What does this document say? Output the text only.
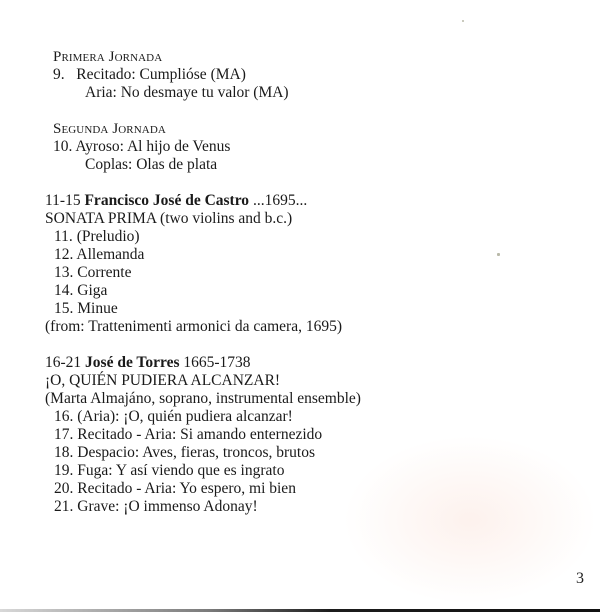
Primera Jornada
9. Recitado: Cumplióse (MA)
Aria: No desmaye tu valor (MA)
Segunda Jornada
10. Ayroso: Al hijo de Venus
Coplas: Olas de plata
11-15 Francisco José de Castro ...1695...
SONATA PRIMA (two violins and b.c.)
11. (Preludio)
12. Allemanda
13. Corrente
14. Giga
15. Minue
(from: Trattenimenti armonici da camera, 1695)
16-21 José de Torres 1665-1738
¡O, QUIÉN PUDIERA ALCANZAR!
(Marta Almajáno, soprano, instrumental ensemble)
16. (Aria): ¡O, quién pudiera alcanzar!
17. Recitado - Aria: Si amando enternezido
18. Despacio: Aves, fieras, troncos, brutos
19. Fuga: Y así viendo que es ingrato
20. Recitado - Aria: Yo espero, mi bien
21. Grave: ¡O immenso Adonay!
3
